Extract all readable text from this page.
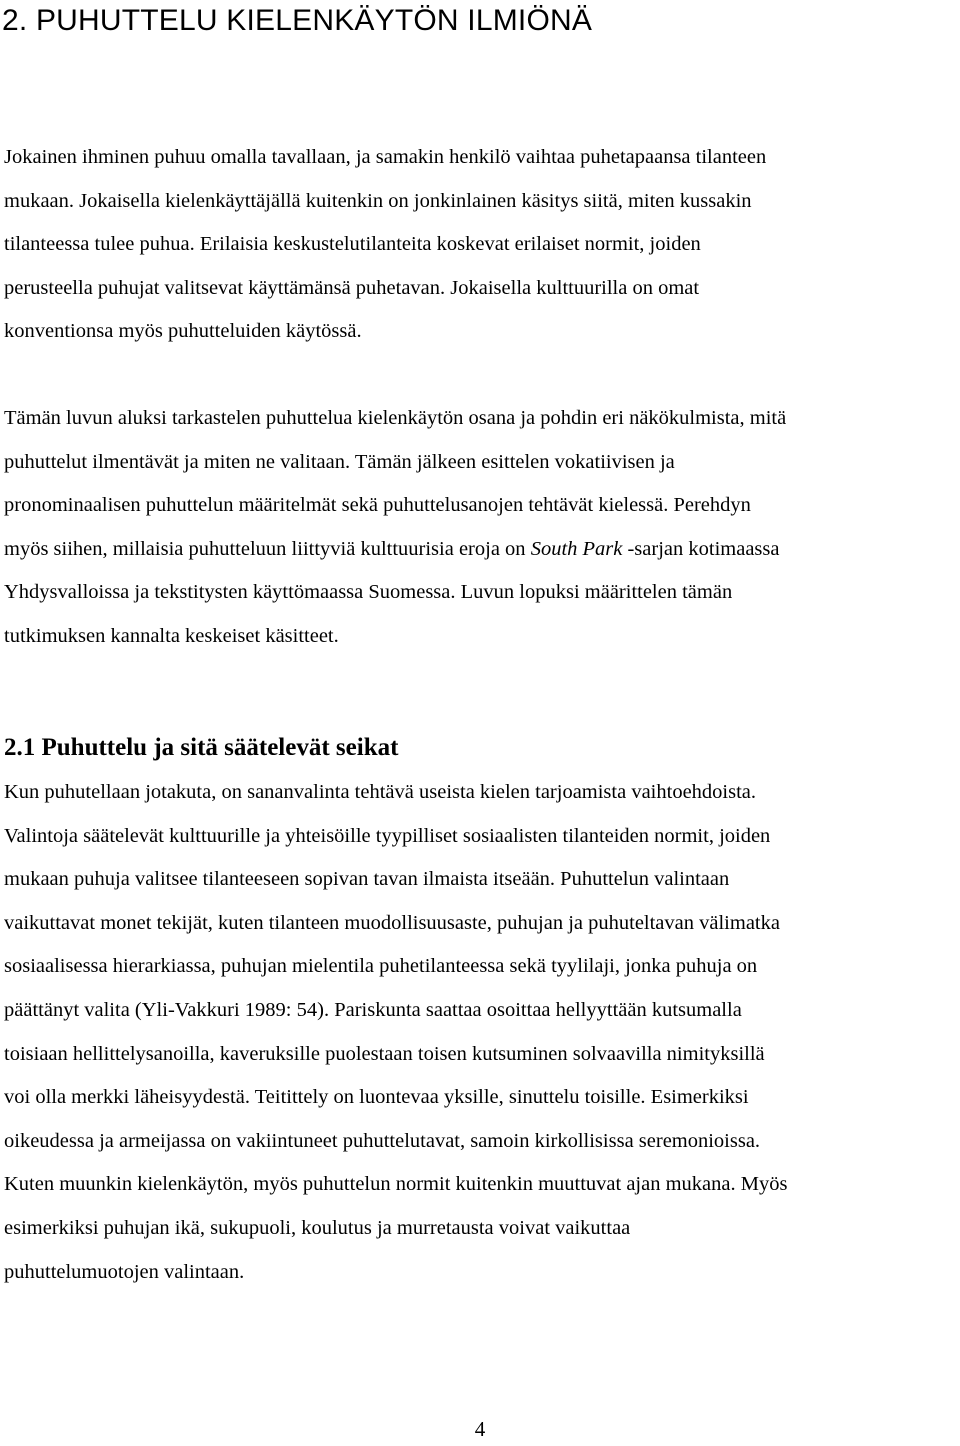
2. PUHUTTELU KIELENKÄYTÖN ILMIÖNÄ

Jokainen ihminen puhuu omalla tavallaan, ja samakin henkilö vaihtaa puhetapaansa tilanteen
mukaan. Jokaisella kielenkäyttäjällä kuitenkin on jonkinlainen käsitys siitä, miten kussakin
tilanteessa tulee puhua. Erilaisia keskustelutilanteita koskevat erilaiset normit, joiden
perusteella puhujat valitsevat käyttämänsä puhetavan. Jokaisella kulttuurilla on omat
konventionsa myös puhutteluiden käytössä.

Tämän luvun aluksi tarkastelen puhuttelua kielenkäytön osana ja pohdin eri näkökulmista, mitä
puhuttelut ilmentävät ja miten ne valitaan. Tämän jälkeen esittelen vokatiivisen ja
pronominaalisen puhuttelun määritelmät sekä puhuttelusanojen tehtävät kielessä. Perehdyn
myös siihen, millaisia puhutteluun liittyviä kulttuurisia eroja on South Park -sarjan kotimaassa
Yhdysvalloissa ja tekstitysten käyttömaassa Suomessa. Luvun lopuksi määrittelen tämän
tutkimuksen kannalta keskeiset käsitteet.

2.1 Puhuttelu ja sitä säätelevät seikat

Kun puhutellaan jotakuta, on sananvalinta tehtävä useista kielen tarjoamista vaihtoehdoista.
Valintoja säätelevät kulttuurille ja yhteisöille tyypilliset sosiaalisten tilanteiden normit, joiden
mukaan puhuja valitsee tilanteeseen sopivan tavan ilmaista itseään. Puhuttelun valintaan
vaikuttavat monet tekijät, kuten tilanteen muodollisuusaste, puhujan ja puhuteltavan välimatka
sosiaalisessa hierarkiassa, puhujan mielentila puhetilanteessa sekä tyylilaji, jonka puhuja on
päättänyt valita (Yli-Vakkuri 1989: 54). Pariskunta saattaa osoittaa hellyyttään kutsumalla
toisiaan hellittelysanoilla, kaveruksille puolestaan toisen kutsuminen solvaavilla nimityksillä
voi olla merkki läheisyydestä. Teitittely on luontevaa yksille, sinuttelu toisille. Esimerkiksi
oikeudessa ja armeijassa on vakiintuneet puhuttelutavat, samoin kirkollisissa seremonioissa.
Kuten muunkin kielenkäytön, myös puhuttelun normit kuitenkin muuttuvat ajan mukana. Myös
esimerkiksi puhujan ikä, sukupuoli, koulutus ja murretausta voivat vaikuttaa
puhuttelumuotojen valintaan.

4
